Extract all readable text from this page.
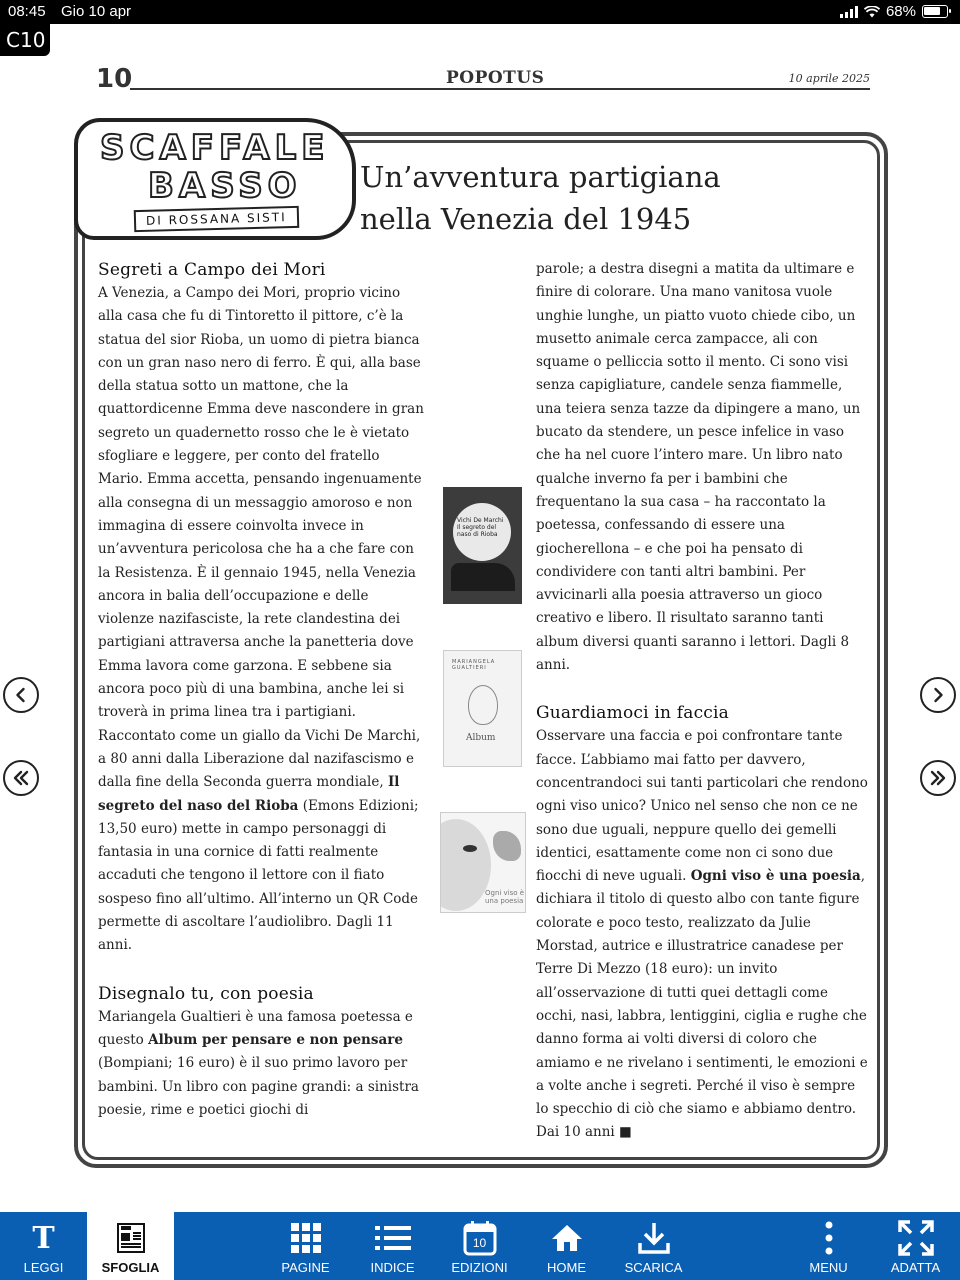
08:45 Gio 10 apr	68%
C10
10	POPOTUS	10 aprile 2025
SCAFFALE
BASSO
DI ROSSANA SISTI
Un’avventura partigiana
nella Venezia del 1945
Segreti a Campo dei Mori

A Venezia, a Campo dei Mori, proprio vicino alla casa che fu di Tintoretto il pittore, c’è la statua del sior Rioba, un uomo di pietra bianca con un gran naso nero di ferro. È qui, alla base della statua sotto un mattone, che la quattordicenne Emma deve nascondere in gran segreto un quadernetto rosso che le è vietato sfogliare e leggere, per conto del fratello Mario. Emma accetta, pensando ingenuamente alla consegna di un messaggio amoroso e non immagina di essere coinvolta invece in un’avventura pericolosa che ha a che fare con la Resistenza. È il gennaio 1945, nella Venezia ancora in balia dell’occupazione e delle violenze nazifasciste, la rete clandestina dei partigiani attraversa anche la panetteria dove Emma lavora come garzona. E sebbene sia ancora poco più di una bambina, anche lei si troverà in prima linea tra i partigiani. Raccontato come un giallo da Vichi De Marchi, a 80 anni dalla Liberazione dal nazifascismo e dalla fine della Seconda guerra mondiale, Il segreto del naso del Rioba (Emons Edizioni; 13,50 euro) mette in campo personaggi di fantasia in una cornice di fatti realmente accaduti che tengono il lettore con il fiato sospeso fino all’ultimo. All’interno un QR Code permette di ascoltare l’audiolibro. Dagli 11 anni.

Disegnalo tu, con poesia

Mariangela Gualtieri è una famosa poetessa e questo Album per pensare e non pensare (Bompiani; 16 euro) è il suo primo lavoro per bambini. Un libro con pagine grandi: a sinistra poesie, rime e poetici giochi di

Vichi De Marchi Il segreto del naso di Rioba
MARIANGELA GUALTIERI
Album
Ogni viso è una poesia

parole; a destra disegni a matita da ultimare e finire di colorare. Una mano vanitosa vuole unghie lunghe, un piatto vuoto chiede cibo, un musetto animale cerca zampacce, ali con squame o pelliccia sotto il mento. Ci sono visi senza capigliature, candele senza fiammelle, una teiera senza tazze da dipingere a mano, un bucato da stendere, un pesce infelice in vaso che ha nel cuore l’intero mare. Un libro nato qualche inverno fa per i bambini che frequentano la sua casa – ha raccontato la poetessa, confessando di essere una giocherellona – e che poi ha pensato di condividere con tanti altri bambini. Per avvicinarli alla poesia attraverso un gioco creativo e libero. Il risultato saranno tanti album diversi quanti saranno i lettori. Dagli 8 anni.

Guardiamoci in faccia

Osservare una faccia e poi confrontare tante facce. L’abbiamo mai fatto per davvero, concentrandoci sui tanti particolari che rendono ogni viso unico? Unico nel senso che non ce ne sono due uguali, neppure quello dei gemelli identici, esattamente come non ci sono due fiocchi di neve uguali. Ogni viso è una poesia, dichiara il titolo di questo albo con tante figure colorate e poco testo, realizzato da Julie Morstad, autrice e illustratrice canadese per Terre Di Mezzo (18 euro): un invito all’osservazione di tutti quei dettagli come occhi, nasi, labbra, lentiggini, ciglia e rughe che danno forma ai volti diversi di coloro che amiamo e ne rivelano i sentimenti, le emozioni e a volte anche i segreti. Perché il viso è sempre lo specchio di ciò che siamo e abbiamo dentro. Dai 10 anni ■

T
LEGGI	SFOGLIA	PAGINE	INDICE
10
EDIZIONI	HOME	SCARICA	MENU	ADATTA
